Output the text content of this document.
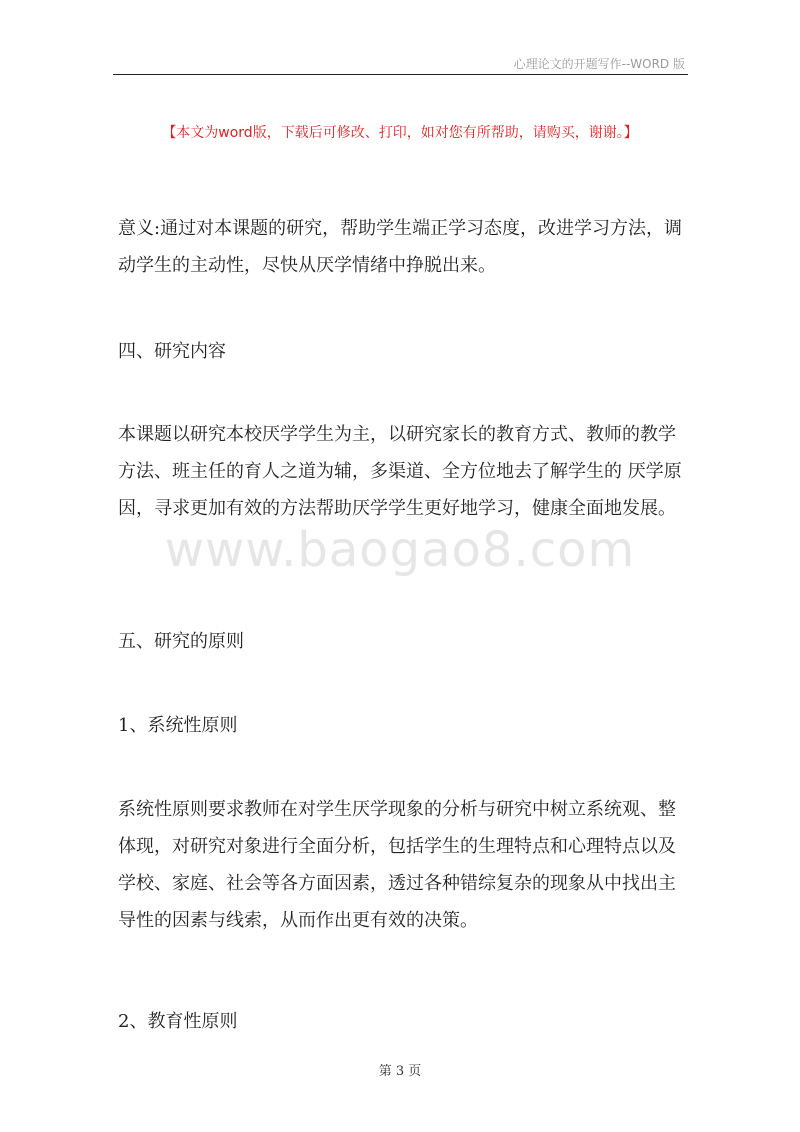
心理论文的开题写作--WORD 版
【本文为word版，下载后可修改、打印，如对您有所帮助，请购买，谢谢。】

意义:通过对本课题的研究，帮助学生端正学习态度，改进学习方法，调动学生的主动性，尽快从厌学情绪中挣脱出来。

四、研究内容

本课题以研究本校厌学学生为主，以研究家长的教育方式、教师的教学方法、班主任的育人之道为辅，多渠道、全方位地去了解学生的 厌学原因，寻求更加有效的方法帮助厌学学生更好地学习，健康全面地发展。

www.baogao8.com

五、研究的原则

1、系统性原则

系统性原则要求教师在对学生厌学现象的分析与研究中树立系统观、整体现，对研究对象进行全面分析，包括学生的生理特点和心理特点以及学校、家庭、社会等各方面因素，透过各种错综复杂的现象从中找出主导性的因素与线索，从而作出更有效的决策。

2、教育性原则

第 3 页
